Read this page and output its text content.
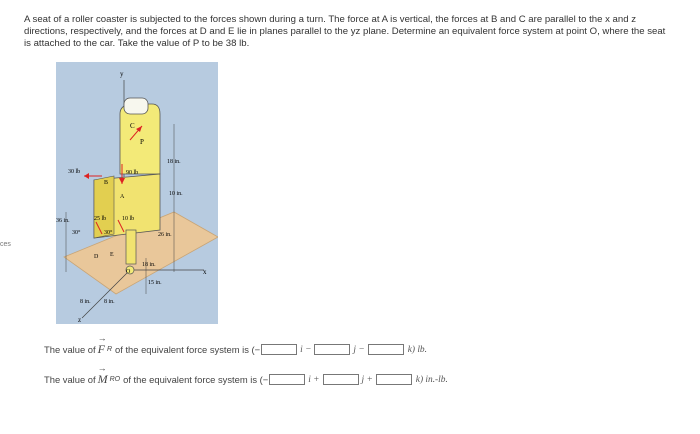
A seat of a roller coaster is subjected to the forces shown during a turn. The force at A is vertical, the forces at B and C are parallel to the x and z directions, respectively, and the forces at D and E lie in planes parallel to the yz plane. Determine an equivalent force system at point O, where the seat is attached to the car. Take the value of P to be 38 lb.
ces
y
x
z
C
P
B
A
D E
O
30 lb	90 lb
25 lb	10 lb
18 in.
10 in.
36 in.
26 in.
18 in.
15 in.
8 in. 8 in.
30°	30°
The value of
→
F R of the equivalent force system is (−	i −	j −	k) lb.
The value of
→
M RO of the equivalent force system is (−	i +	j +	k) in.-lb.
